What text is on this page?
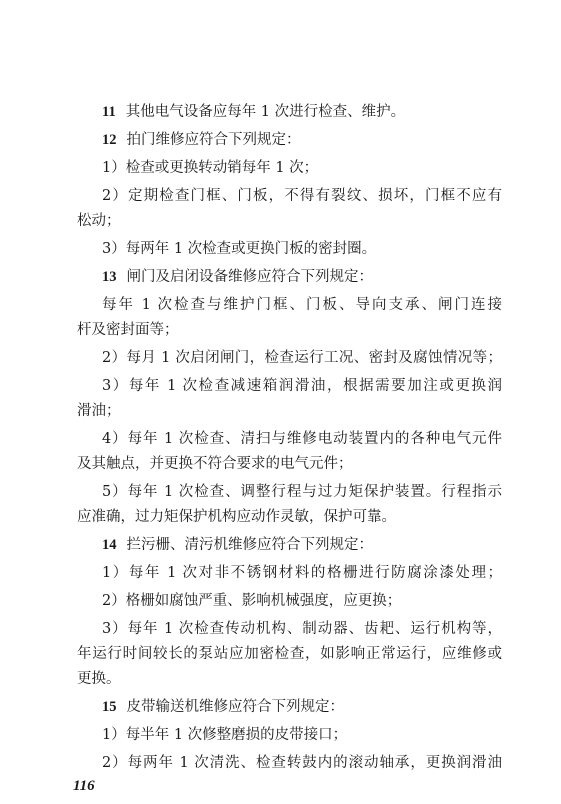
11 其他电气设备应每年 1 次进行检查、维护。
12 拍门维修应符合下列规定：
1）检查或更换转动销每年 1 次；
2）定期检查门框、门板，不得有裂纹、损坏，门框不应有
松动；
3）每两年 1 次检查或更换门板的密封圈。
13 闸门及启闭设备维修应符合下列规定：
每年 1 次检查与维护门框、门板、导向支承、闸门连接
杆及密封面等；
2）每月 1 次启闭闸门，检查运行工况、密封及腐蚀情况等；
3）每年 1 次检查减速箱润滑油，根据需要加注或更换润
滑油；
4）每年 1 次检查、清扫与维修电动装置内的各种电气元件
及其触点，并更换不符合要求的电气元件；
5）每年 1 次检查、调整行程与过力矩保护装置。行程指示
应准确，过力矩保护机构应动作灵敏，保护可靠。
14 拦污栅、清污机维修应符合下列规定：
1）每年 1 次对非不锈钢材料的格栅进行防腐涂漆处理；
2）格栅如腐蚀严重、影响机械强度，应更换；
3）每年 1 次检查传动机构、制动器、齿耙、运行机构等，
年运行时间较长的泵站应加密检查，如影响正常运行，应维修或
更换。
15 皮带输送机维修应符合下列规定：
1）每半年 1 次修整磨损的皮带接口；
2）每两年 1 次清洗、检查转鼓内的滚动轴承，更换润滑油
116
